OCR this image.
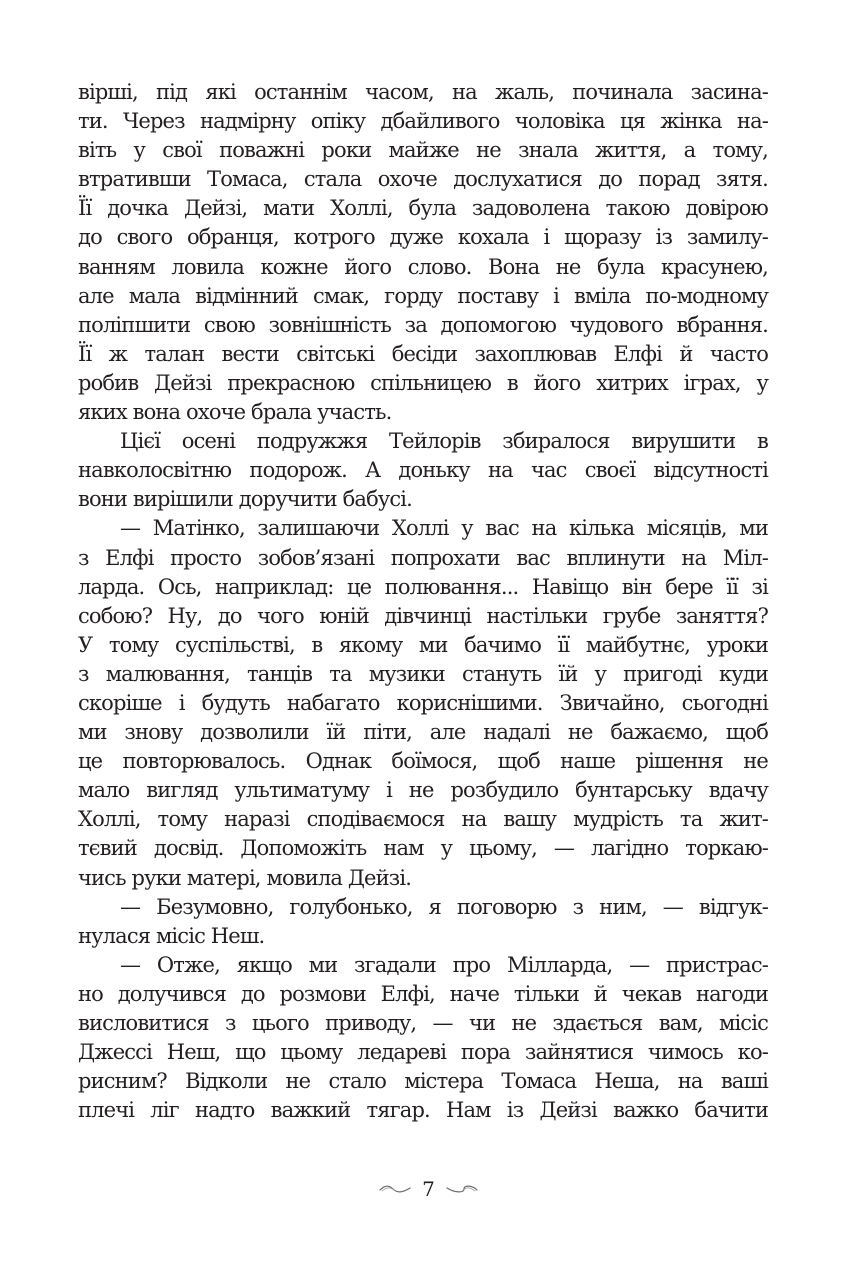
вірші, під які останнім часом, на жаль, починала засина-
ти. Через надмірну опіку дбайливого чоловіка ця жінка на-
віть у свої поважні роки майже не знала життя, а тому,
втративши Томаса, стала охоче дослухатися до порад зятя.
Її дочка Дейзі, мати Холлі, була задоволена такою довірою
до свого обранця, котрого дуже кохала і щоразу із замилу-
ванням ловила кожне його слово. Вона не була красунею,
але мала відмінний смак, горду поставу і вміла по-модному
поліпшити свою зовнішність за допомогою чудового вбрання.
Її ж талан вести світські бесіди захоплював Елфі й часто
робив Дейзі прекрасною спільницею в його хитрих іграх, у
яких вона охоче брала участь.
Цієї осені подружжя Тейлорів збиралося вирушити в
навколосвітню подорож. А доньку на час своєї відсутності
вони вирішили доручити бабусі.
— Матінко, залишаючи Холлі у вас на кілька місяців, ми
з Елфі просто зобов’язані попрохати вас вплинути на Міл-
ларда. Ось, наприклад: це полювання... Навіщо він бере її зі
собою? Ну, до чого юній дівчинці настільки грубе заняття?
У тому суспільстві, в якому ми бачимо її майбутнє, уроки
з малювання, танців та музики стануть їй у пригоді куди
скоріше і будуть набагато кориснішими. Звичайно, сьогодні
ми знову дозволили їй піти, але надалі не бажаємо, щоб
це повторювалось. Однак боїмося, щоб наше рішення не
мало вигляд ультиматуму і не розбудило бунтарську вдачу
Холлі, тому наразі сподіваємося на вашу мудрість та жит-
тєвий досвід. Допоможіть нам у цьому, — лагідно торкаю-
чись руки матері, мовила Дейзі.
— Безумовно, голубонько, я поговорю з ним, — відгук-
нулася місіс Неш.
— Отже, якщо ми згадали про Мілларда, — пристрас-
но долучився до розмови Елфі, наче тільки й чекав нагоди
висловитися з цього приводу, — чи не здається вам, місіс
Джессі Неш, що цьому ледареві пора зайнятися чимось ко-
рисним? Відколи не стало містера Томаса Неша, на ваші
плечі ліг надто важкий тягар. Нам із Дейзі важко бачити
7
